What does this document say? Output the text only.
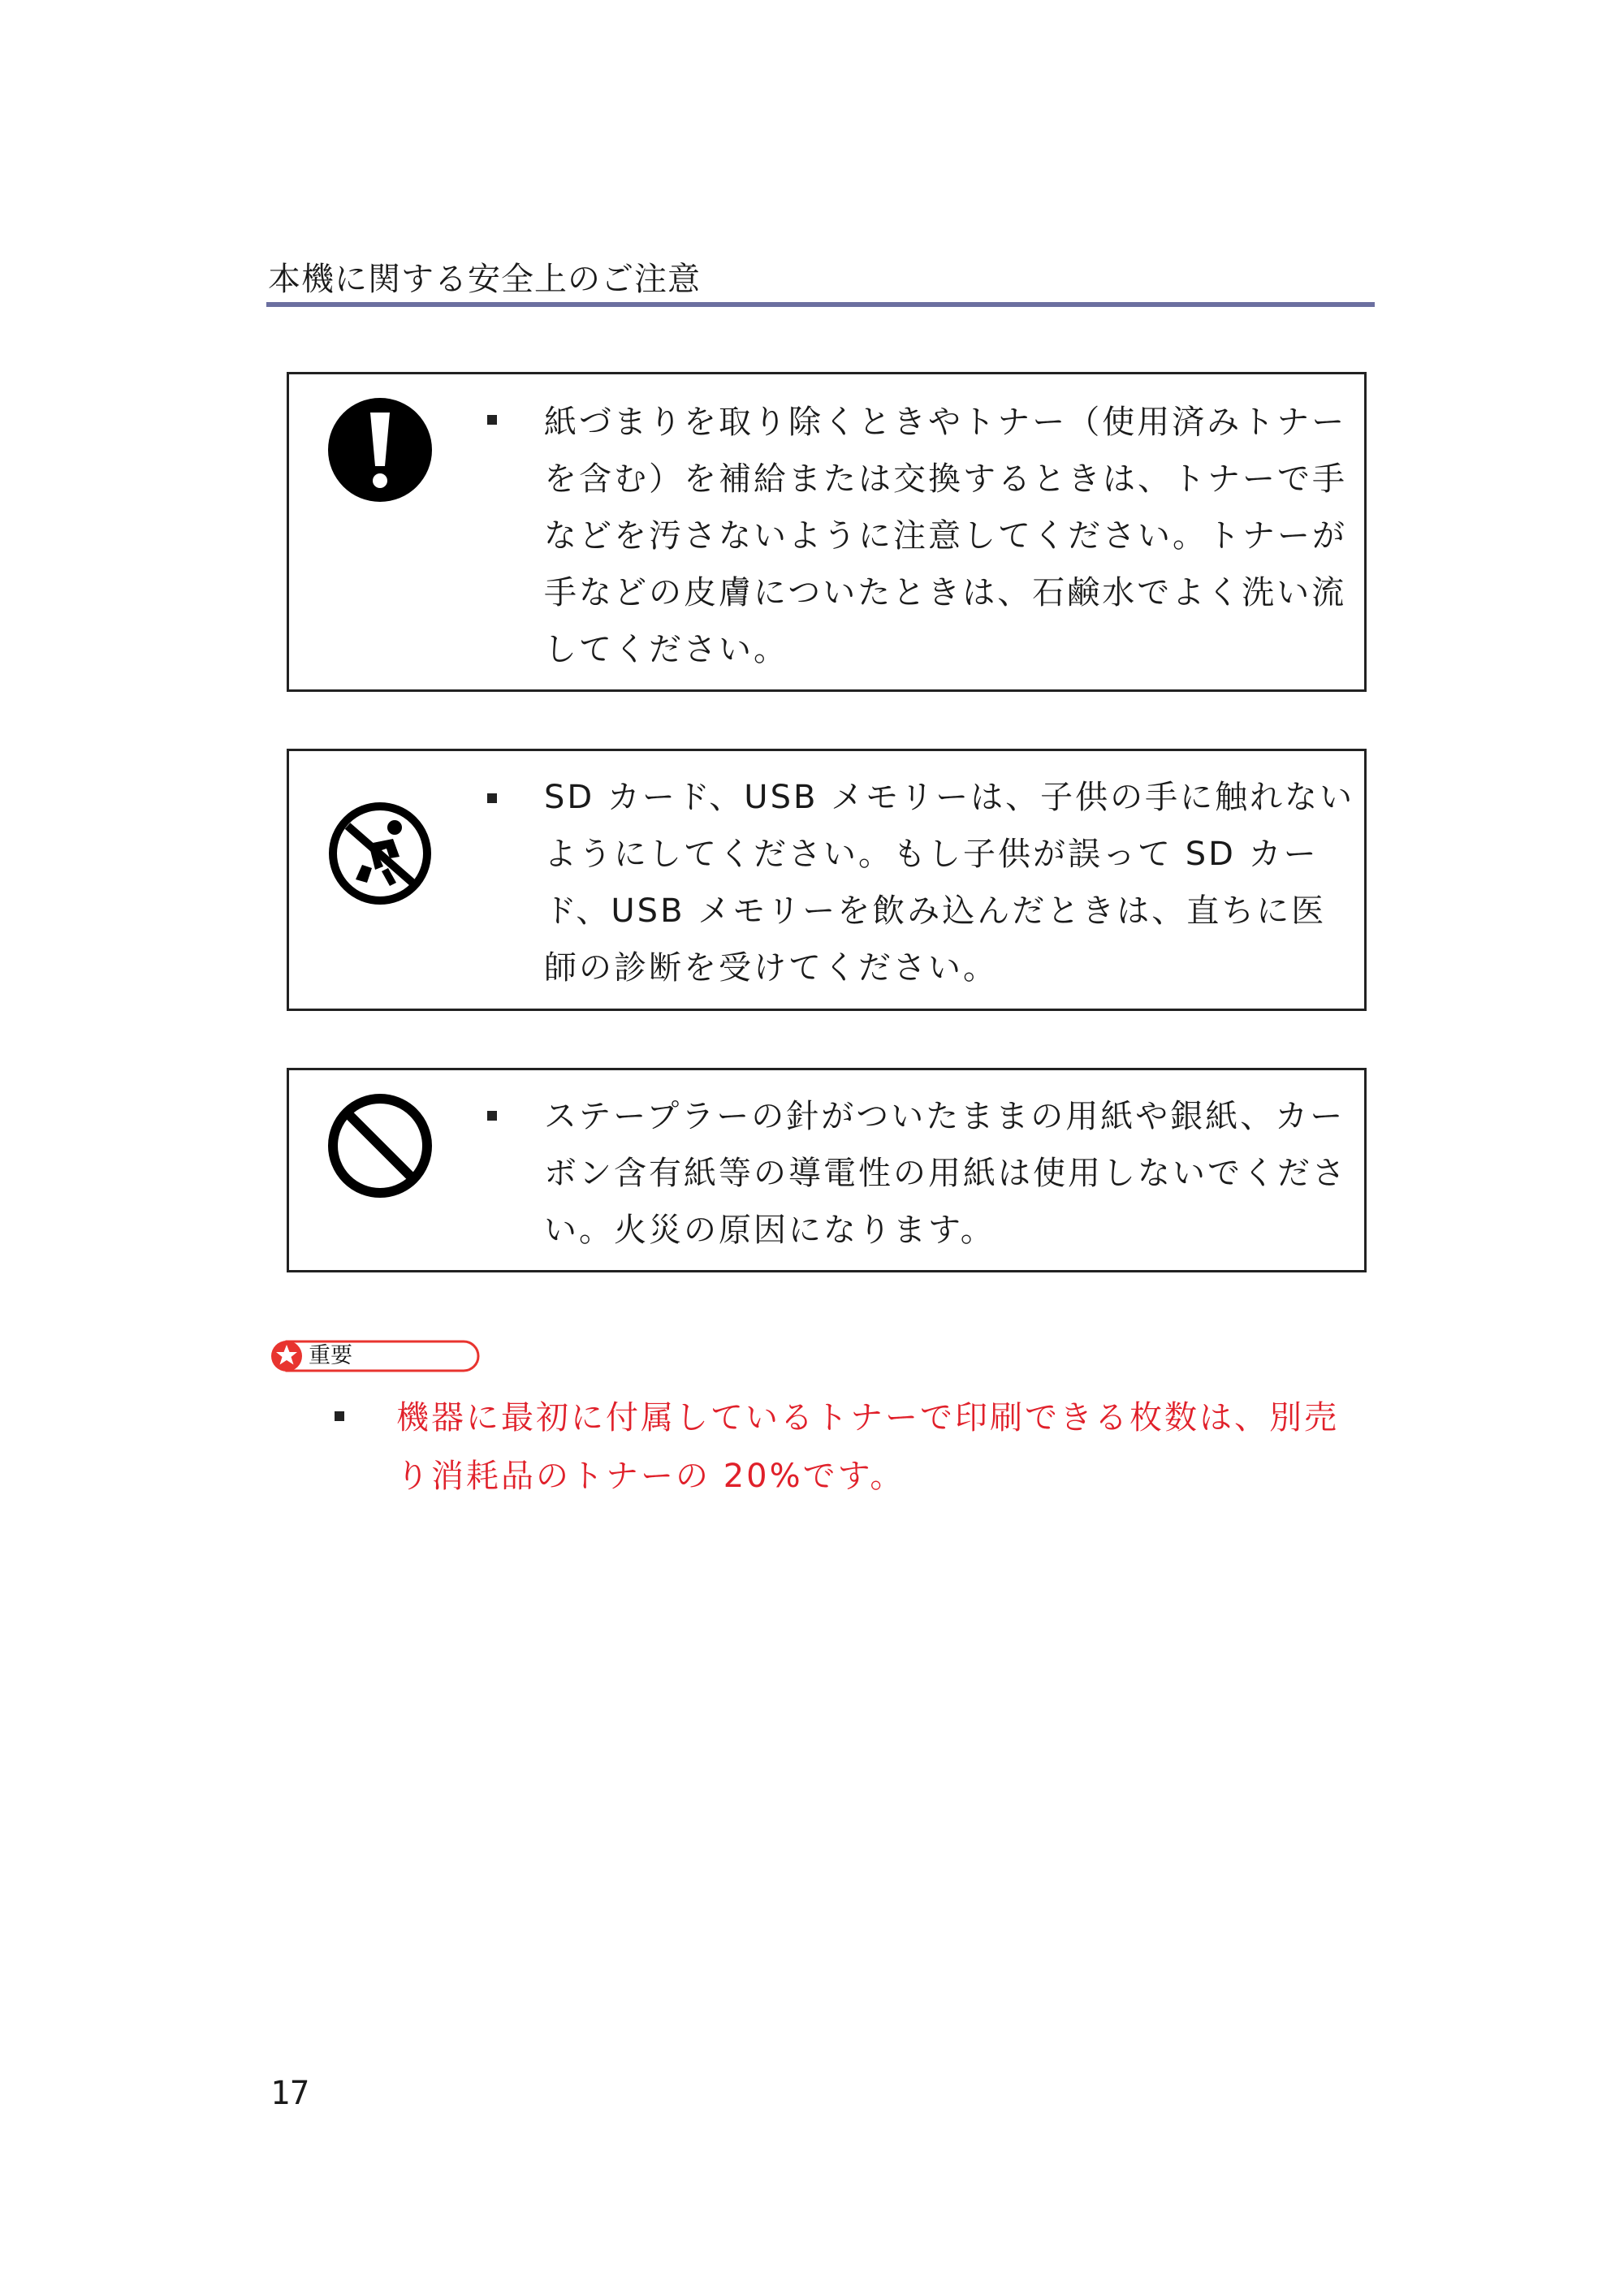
本機に関する安全上のご注意
紙づまりを取り除くときやトナー（使用済みトナーを含む）を補給または交換するときは、トナーで手などを汚さないように注意してください。トナーが手などの皮膚についたときは、石鹸水でよく洗い流してください。
SD カード、USB メモリーは、子供の手に触れないようにしてください。もし子供が誤って SD カード、USB メモリーを飲み込んだときは、直ちに医師の診断を受けてください。
ステープラーの針がついたままの用紙や銀紙、カーボン含有紙等の導電性の用紙は使用しないでください。火災の原因になります。
重要
機器に最初に付属しているトナーで印刷できる枚数は、別売り消耗品のトナーの 20%です。
17
